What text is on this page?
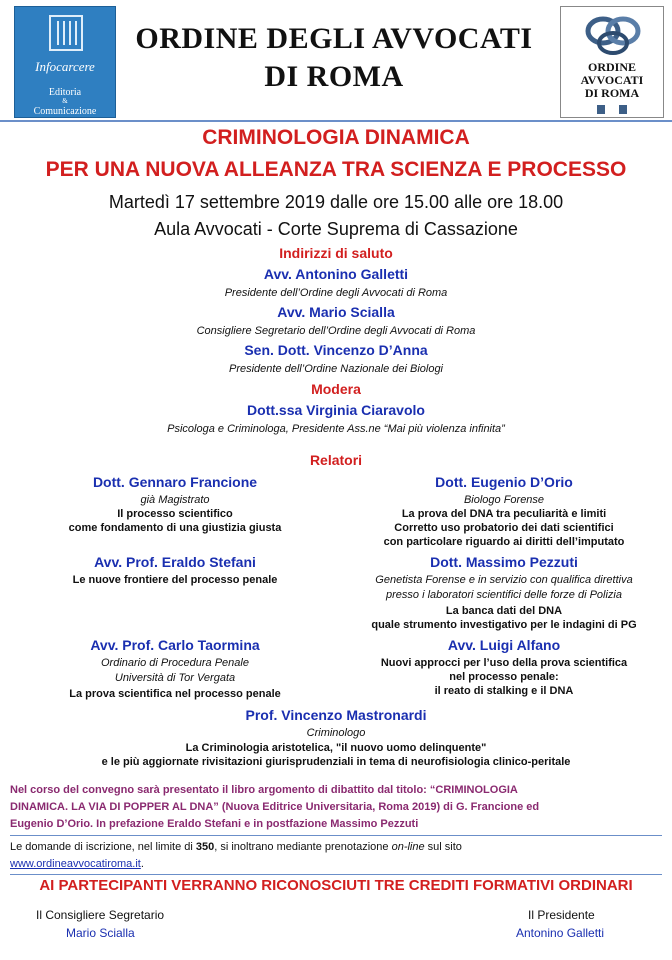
Infocarcere
Editoria
&
Comunicazione
ORDINE DEGLI AVVOCATI
DI ROMA	ORDINE
AVVOCATI
DI ROMA
CRIMINOLOGIA DINAMICA
PER UNA NUOVA ALLEANZA TRA SCIENZA E PROCESSO
Martedì 17 settembre 2019 dalle ore 15.00 alle ore 18.00
Aula Avvocati - Corte Suprema di Cassazione
Indirizzi di saluto
Avv. Antonino Galletti
Presidente dell’Ordine degli Avvocati di Roma
Avv. Mario Scialla
Consigliere Segretario dell’Ordine degli Avvocati di Roma
Sen. Dott. Vincenzo D’Anna
Presidente dell’Ordine Nazionale dei Biologi
Modera
Dott.ssa Virginia Ciaravolo
Psicologa e Criminologa, Presidente Ass.ne “Mai più violenza infinita”
Relatori
Dott. Gennaro Francione
già Magistrato
Il processo scientifico
come fondamento di una giustizia giusta
Dott. Eugenio D’Orio
Biologo Forense
La prova del DNA tra peculiarità e limiti
Corretto uso probatorio dei dati scientifici
con particolare riguardo ai diritti dell’imputato
Avv. Prof. Eraldo Stefani
Le nuove frontiere del processo penale
Dott. Massimo Pezzuti
Genetista Forense e in servizio con qualifica direttiva
presso i laboratori scientifici delle forze di Polizia
La banca dati del DNA
quale strumento investigativo per le indagini di PG
Avv. Prof. Carlo Taormina
Ordinario di Procedura Penale
Università di Tor Vergata
La prova scientifica nel processo penale
Avv. Luigi Alfano
Nuovi approcci per l’uso della prova scientifica
nel processo penale:
il reato di stalking e il DNA
Prof. Vincenzo Mastronardi
Criminologo
La Criminologia aristotelica, "il nuovo uomo delinquente"
e le più aggiornate rivisitazioni giurisprudenziali in tema di neurofisiologia clinico-peritale
Nel corso del convegno sarà presentato il libro argomento di dibattito dal titolo: “CRIMINOLOGIA
DINAMICA. LA VIA DI POPPER AL DNA” (Nuova Editrice Universitaria, Roma 2019) di G. Francione ed
Eugenio D’Orio. In prefazione Eraldo Stefani e in postfazione Massimo Pezzuti
Le domande di iscrizione, nel limite di 350, si inoltrano mediante prenotazione on-line sul sito
www.ordineavvocatiroma.it.
AI PARTECIPANTI VERRANNO RICONOSCIUTI TRE CREDITI FORMATIVI ORDINARI
Il Consigliere Segretario
Mario Scialla
Il Presidente
Antonino Galletti
